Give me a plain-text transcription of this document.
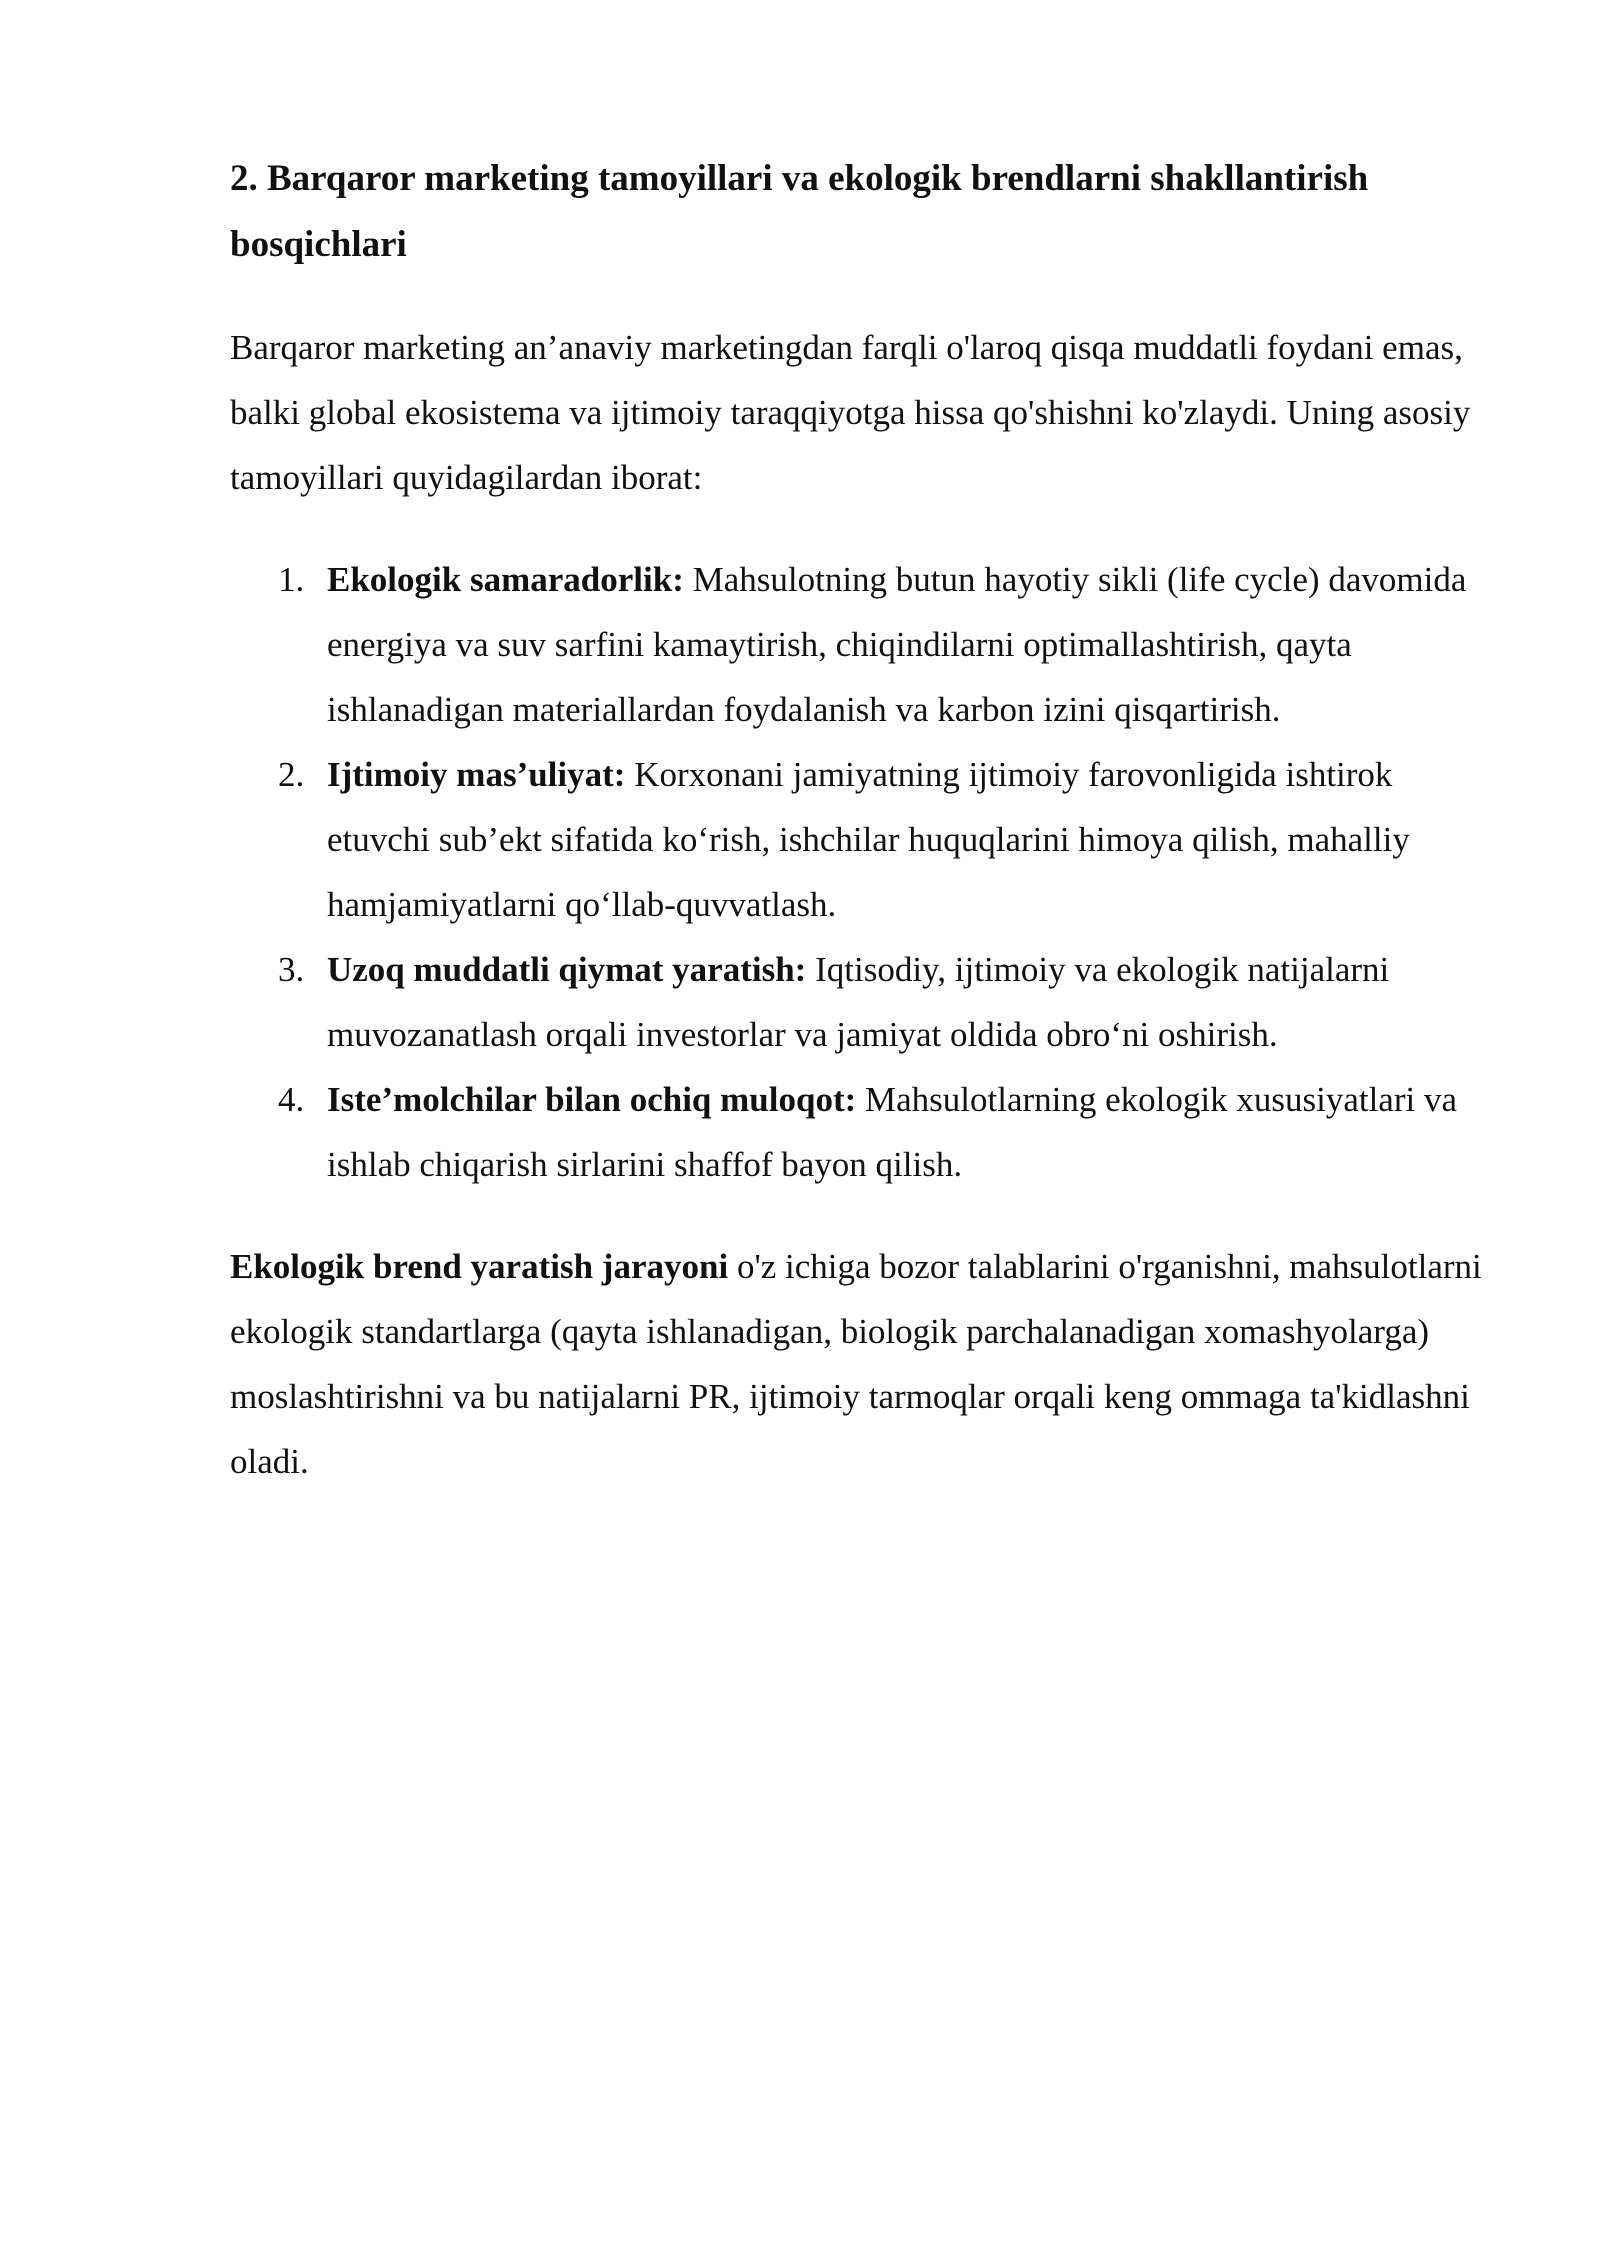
2. Barqaror marketing tamoyillari va ekologik brendlarni shakllantirish bosqichlari

Barqaror marketing an’anaviy marketingdan farqli o'laroq qisqa muddatli foydani emas, balki global ekosistema va ijtimoiy taraqqiyotga hissa qo'shishni ko'zlaydi. Uning asosiy tamoyillari quyidagilardan iborat:

1. Ekologik samaradorlik: Mahsulotning butun hayotiy sikli (life cycle) davomida energiya va suv sarfini kamaytirish, chiqindilarni optimallashtirish, qayta ishlanadigan materiallardan foydalanish va karbon izini qisqartirish.
2. Ijtimoiy mas’uliyat: Korxonani jamiyatning ijtimoiy farovonligida ishtirok etuvchi sub’ekt sifatida ko‘rish, ishchilar huquqlarini himoya qilish, mahalliy hamjamiyatlarni qo‘llab-quvvatlash.
3. Uzoq muddatli qiymat yaratish: Iqtisodiy, ijtimoiy va ekologik natijalarni muvozanatlash orqali investorlar va jamiyat oldida obro‘ni oshirish.
4. Iste’molchilar bilan ochiq muloqot: Mahsulotlarning ekologik xususiyatlari va ishlab chiqarish sirlarini shaffof bayon qilish.

Ekologik brend yaratish jarayoni o'z ichiga bozor talablarini o'rganishni, mahsulotlarni ekologik standartlarga (qayta ishlanadigan, biologik parchalanadigan xomashyolarga) moslashtirishni va bu natijalarni PR, ijtimoiy tarmoqlar orqali keng ommaga ta'kidlashni oladi.
